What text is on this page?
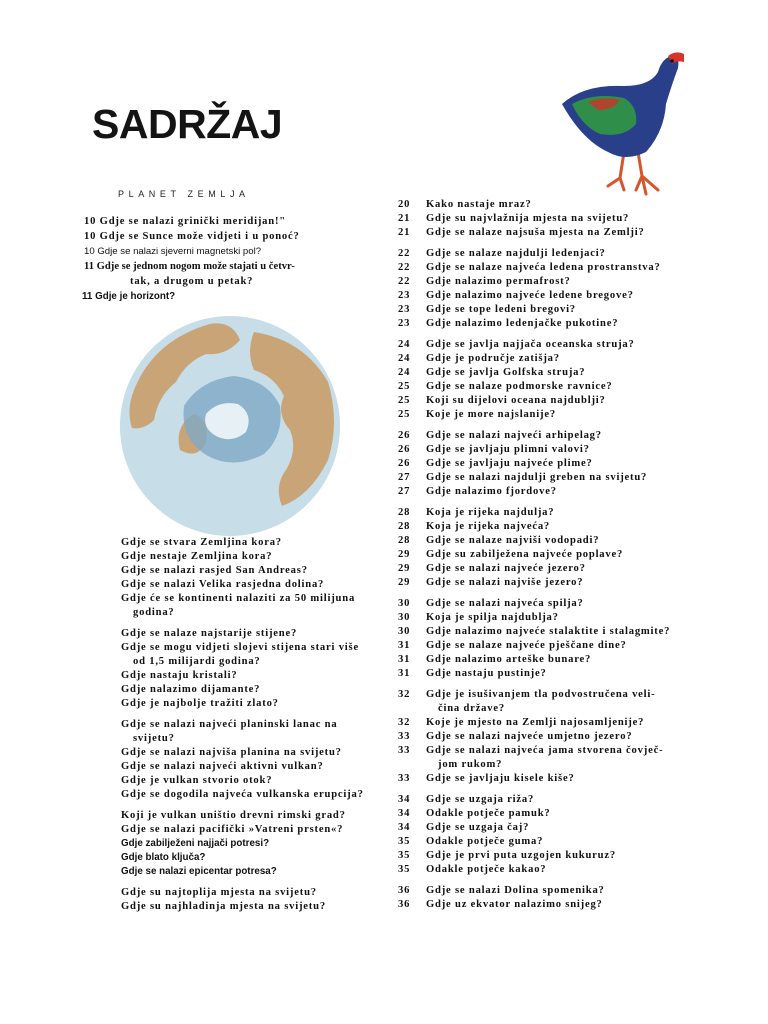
SADRŽAJ
PLANET ZEMLJA
10 Gdje se nalazi grinički meridijan!"
10 Gdje se Sunce može vidjeti i u ponoć?
10 Gdje se nalazi sjeverni magnetski pol?
11 Gdje se jednom nogom može stajati u četvr-
tak, a drugom u petak?
11 Gdje je horizont?
Gdje se stvara Zemljina kora?
Gdje nestaje Zemljina kora?
Gdje se nalazi rasjed San Andreas?
Gdje se nalazi Velika rasjedna dolina?
Gdje će se kontinenti nalaziti za 50 milijuna
godina?
Gdje se nalaze najstarije stijene?
Gdje se mogu vidjeti slojevi stijena stari više
od 1,5 milijardi godina?
Gdje nastaju kristali?
Gdje nalazimo dijamante?
Gdje je najbolje tražiti zlato?
Gdje se nalazi najveći planinski lanac na
svijetu?
Gdje se nalazi najviša planina na svijetu?
Gdje se nalazi najveći aktivni vulkan?
Gdje je vulkan stvorio otok?
Gdje se dogodila najveća vulkanska erupcija?
Koji je vulkan uništio drevni rimski grad?
Gdje se nalazi pacifički »Vatreni prsten«?
Gdje zabilježeni najjači potresi?
Gdje blato ključa?
Gdje se nalazi epicentar potresa?
Gdje su najtoplija mjesta na svijetu?
Gdje su najhladinja mjesta na svijetu?
20 Kako nastaje mraz?
21 Gdje su najvlažnija mjesta na svijetu?
21 Gdje se nalaze najsušа mjesta na Zemlji?
22 Gdje se nalaze najdulji ledenjaci?
22 Gdje se nalaze najveća ledena prostranstva?
22 Gdje nalazimo permafrost?
23 Gdje nalazimo najveće ledene bregove?
23 Gdje se tope ledeni bregovi?
23 Gdje nalazimo ledenjačke pukotine?
24 Gdje se javlja najjača oceanska struja?
24 Gdje je područje zatišja?
24 Gdje se javlja Golfska struja?
25 Gdje se nalaze podmorske ravnice?
25 Koji su dijelovi oceana najdublji?
25 Koje je more najslanije?
26 Gdje se nalazi najveći arhipelag?
26 Gdje se javljaju plimni valovi?
26 Gdje se javljaju najveće plime?
27 Gdje se nalazi najdulji greben na svijetu?
27 Gdje nalazimo fjordove?
28 Koja je rijeka najdulja?
28 Koja je rijeka najveća?
28 Gdje se nalaze najviši vodopadi?
29 Gdje su zabilježena najveće poplave?
29 Gdje se nalazi najveće jezero?
29 Gdje se nalazi najviše jezero?
30 Gdje se nalazi najveća spilja?
30 Koja je spilja najdublja?
30 Gdje nalazimo najveće stalaktite i stalagmite?
31 Gdje se nalaze najveće pješčane dine?
31 Gdje nalazimo arteške bunare?
31 Gdje nastaju pustinje?
32 Gdje je isušivanjem tla podvostručena veli-
čina države?
32 Koje je mjesto na Zemlji najosamljenije?
33 Gdje se nalazi najveće umjetno jezero?
33 Gdje se nalazi najveća jama stvorena čovječ-
jom rukom?
33 Gdje se javljaju kisele kiše?
34 Gdje se uzgaja riža?
34 Odakle potječe pamuk?
34 Gdje se uzgaja čaj?
35 Odakle potječe guma?
35 Gdje je prvi puta uzgojen kukuruz?
35 Odakle potječe kakao?
36 Gdje se nalazi Dolina spomenika?
36 Gdje uz ekvator nalazimo snijeg?
